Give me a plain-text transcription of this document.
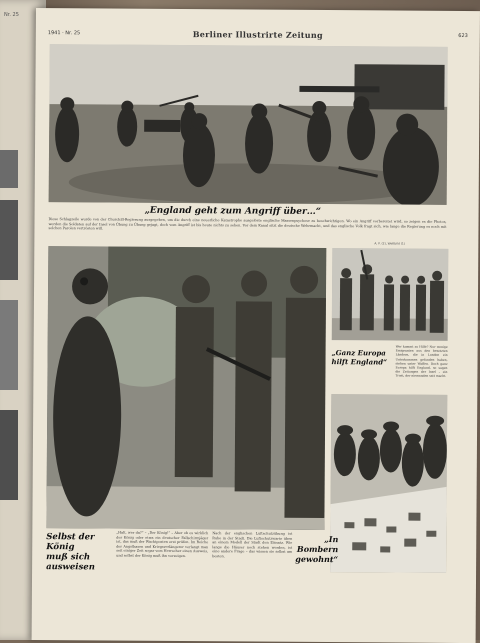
Nr. 25
1941 · Nr. 25	Berliner Illustrirte Zeitung	623
„England geht zum Angriff über…“
Diese Schlagzeile wurde von der Churchill-Regierung ausgegeben, um die durch eine neuerliche Katastrophe ausgelöste englische Massenpsychose zu beschwichtigen. Wo ein Angriff vorbereitet wird, so zeigen es die Photos, werden die Soldaten auf der Insel von Übung zu Übung gejagt, doch vom Angriff ist bis heute nichts zu sehen. Vor dem Kanal sitzt die deutsche Wehrmacht, und das englische Volk fragt sich, wie lange die Regierung es noch mit solchen Parolen vertrösten will.
A. P. (2), Weltbild (1)
Selbst der
König
muß sich
ausweisen
„Halt, wer da?“ – „Der König!“ – Aber ob es wirklich der König oder etwa ein deutscher Fallschirmjäger ist, das muß der Wachtposten erst prüfen. Im Reiche der Angsthasen und Kriegsverlängerer verlangt man seit einiger Zeit sogar vom Herrscher einen Ausweis, und selbst der König muß ihn vorzeigen.
„Ganz Europa
hilft England“
Wer kommt zu Hilfe? Nur wenige Emigranten aus den besetzten Ländern, die in London ein Unterkommen gefunden haben, stehen unter Waffen. Doch ganz Europa hilft England, so sagen die Zeitungen der Insel – ein Trost, der niemanden satt macht.
„In
Bombern
gewohnt“
Nach der englischen Luftschutzübung ist Ruhe in der Stadt. Die Luftschutzwarte üben an einem Modell der Stadt den Einsatz. Wie lange die Häuser noch stehen werden, ist eine andere Frage – das wissen sie selbst am besten.
